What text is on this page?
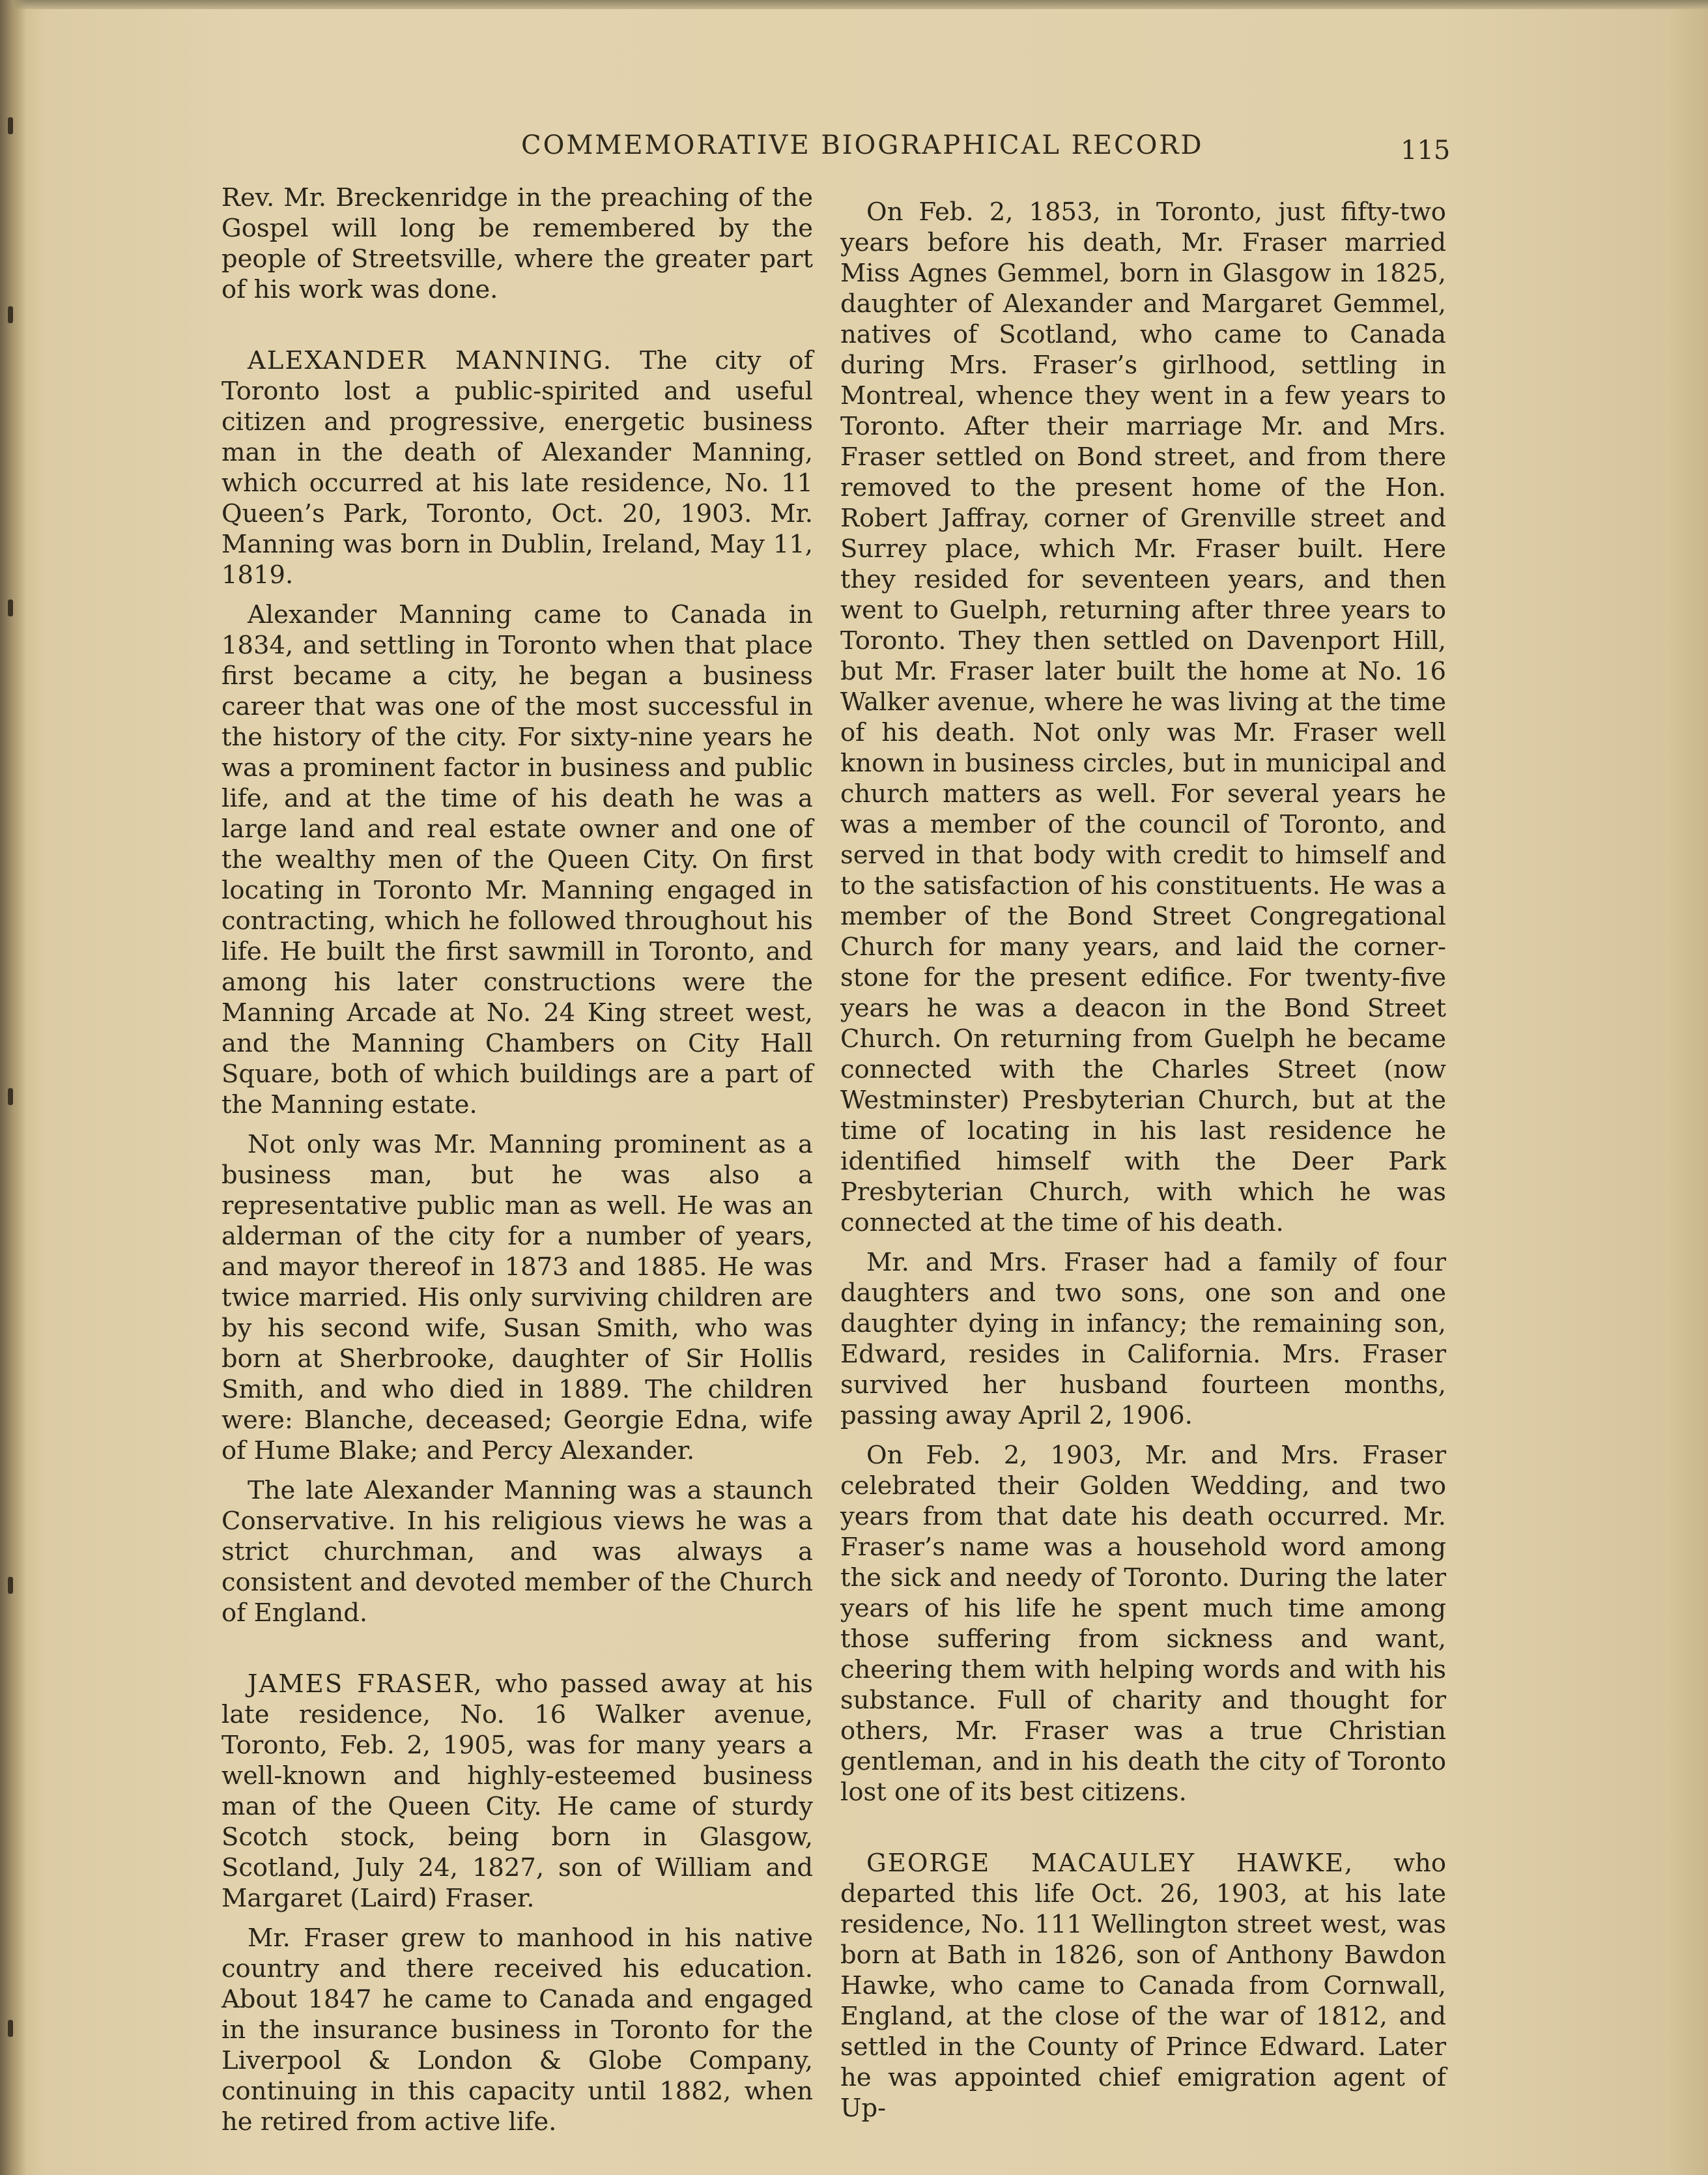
COMMEMORATIVE BIOGRAPHICAL RECORD	115

Rev. Mr. Breckenridge in the preaching of the Gospel will long be remembered by the people of Streetsville, where the greater part of his work was done.

ALEXANDER MANNING. The city of Toronto lost a public-spirited and useful citizen and progressive, energetic business man in the death of Alexander Manning, which occurred at his late residence, No. 11 Queen’s Park, Toronto, Oct. 20, 1903. Mr. Manning was born in Dublin, Ireland, May 11, 1819.

Alexander Manning came to Canada in 1834, and settling in Toronto when that place first became a city, he began a business career that was one of the most successful in the history of the city. For sixty-nine years he was a prominent factor in business and public life, and at the time of his death he was a large land and real estate owner and one of the wealthy men of the Queen City. On first locating in Toronto Mr. Manning engaged in contracting, which he followed throughout his life. He built the first sawmill in Toronto, and among his later constructions were the Manning Arcade at No. 24 King street west, and the Manning Chambers on City Hall Square, both of which buildings are a part of the Manning estate.

Not only was Mr. Manning prominent as a business man, but he was also a representative public man as well. He was an alderman of the city for a number of years, and mayor thereof in 1873 and 1885. He was twice married. His only surviving children are by his second wife, Susan Smith, who was born at Sherbrooke, daughter of Sir Hollis Smith, and who died in 1889. The children were: Blanche, deceased; Georgie Edna, wife of Hume Blake; and Percy Alexander.

The late Alexander Manning was a staunch Conservative. In his religious views he was a strict churchman, and was always a consistent and devoted member of the Church of England.

JAMES FRASER, who passed away at his late residence, No. 16 Walker avenue, Toronto, Feb. 2, 1905, was for many years a well-known and highly-esteemed business man of the Queen City. He came of sturdy Scotch stock, being born in Glasgow, Scotland, July 24, 1827, son of William and Margaret (Laird) Fraser.

Mr. Fraser grew to manhood in his native country and there received his education. About 1847 he came to Canada and engaged in the insurance business in Toronto for the Liverpool & London & Globe Company, continuing in this capacity until 1882, when he retired from active life.

On Feb. 2, 1853, in Toronto, just fifty-two years before his death, Mr. Fraser married Miss Agnes Gemmel, born in Glasgow in 1825, daughter of Alexander and Margaret Gemmel, natives of Scotland, who came to Canada during Mrs. Fraser’s girlhood, settling in Montreal, whence they went in a few years to Toronto. After their marriage Mr. and Mrs. Fraser settled on Bond street, and from there removed to the present home of the Hon. Robert Jaffray, corner of Grenville street and Surrey place, which Mr. Fraser built. Here they resided for seventeen years, and then went to Guelph, returning after three years to Toronto. They then settled on Davenport Hill, but Mr. Fraser later built the home at No. 16 Walker avenue, where he was living at the time of his death. Not only was Mr. Fraser well known in business circles, but in municipal and church matters as well. For several years he was a member of the council of Toronto, and served in that body with credit to himself and to the satisfaction of his constituents. He was a member of the Bond Street Congregational Church for many years, and laid the corner-stone for the present edifice. For twenty-five years he was a deacon in the Bond Street Church. On returning from Guelph he became connected with the Charles Street (now Westminster) Presbyterian Church, but at the time of locating in his last residence he identified himself with the Deer Park Presbyterian Church, with which he was connected at the time of his death.

Mr. and Mrs. Fraser had a family of four daughters and two sons, one son and one daughter dying in infancy; the remaining son, Edward, resides in California. Mrs. Fraser survived her husband fourteen months, passing away April 2, 1906.

On Feb. 2, 1903, Mr. and Mrs. Fraser celebrated their Golden Wedding, and two years from that date his death occurred. Mr. Fraser’s name was a household word among the sick and needy of Toronto. During the later years of his life he spent much time among those suffering from sickness and want, cheering them with helping words and with his substance. Full of charity and thought for others, Mr. Fraser was a true Christian gentleman, and in his death the city of Toronto lost one of its best citizens.

GEORGE MACAULEY HAWKE, who departed this life Oct. 26, 1903, at his late residence, No. 111 Wellington street west, was born at Bath in 1826, son of Anthony Bawdon Hawke, who came to Canada from Cornwall, England, at the close of the war of 1812, and settled in the County of Prince Edward. Later he was appointed chief emigration agent of Up-
